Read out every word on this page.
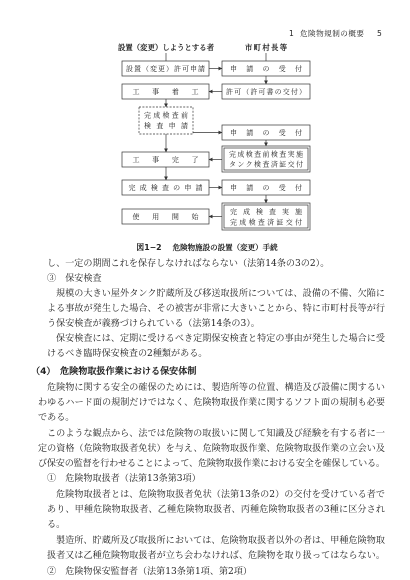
1 危険物規制の概要 5
設置（変更）しようとする者	市町村長等
設置（変更）許可申請	申請の受付
許可（許可書の交付）
工事着工
完成検査前
検査申請
申請の受付
完成検査前検査実施
タンク検査済証交付
工事完了
完成検査の申請	申請の受付
完成検査実施
完成検査済証交付
使用開始
図1−2 危険物施設の設置（変更）手続
し、一定の期間これを保存しなければならない（法第14条の3の2）。
③　保安検査
規模の大きい屋外タンク貯蔵所及び移送取扱所については、設備の不備、欠陥に
よる事故が発生した場合、その被害が非常に大きいことから、特に市町村長等が行
う保安検査が義務づけられている（法第14条の3）。
保安検査には、定期に受けるべき定期保安検査と特定の事由が発生した場合に受
けるべき臨時保安検査の2種類がある。
（4）　危険物取扱作業における保安体制
危険物に関する安全の確保のためには、製造所等の位置、構造及び設備に関するい
わゆるハード面の規制だけではなく、危険物取扱作業に関するソフト面の規制も必要
である。
このような観点から、法では危険物の取扱いに関して知識及び経験を有する者に一
定の資格（危険物取扱者免状）を与え、危険物取扱作業、危険物取扱作業の立会い及
び保安の監督を行わせることによって、危険物取扱作業における安全を確保している。
①　危険物取扱者（法第13条第3項）
危険物取扱者とは、危険物取扱者免状（法第13条の2）の交付を受けている者で
あり、甲種危険物取扱者、乙種危険物取扱者、丙種危険物取扱者の3種に区分され
る。
製造所、貯蔵所及び取扱所においては、危険物取扱者以外の者は、甲種危険物取
扱者又は乙種危険物取扱者が立ち会わなければ、危険物を取り扱ってはならない。
②　危険物保安監督者（法第13条第1項、第2項）
